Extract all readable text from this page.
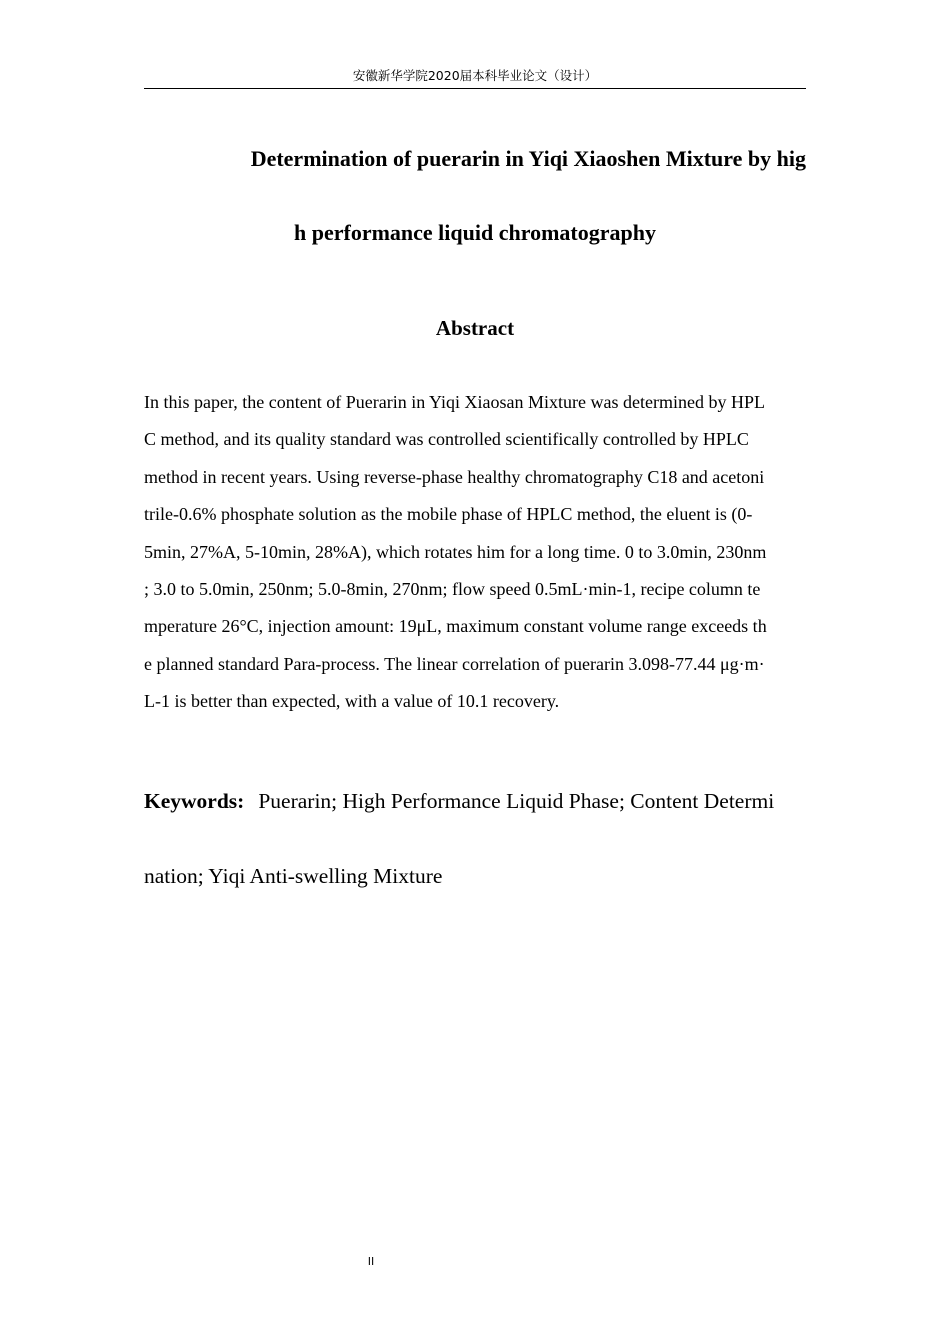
安徽新华学院2020届本科毕业论文（设计）
Determination of puerarin in Yiqi Xiaoshen Mixture by hig
h performance liquid chromatography
Abstract

In this paper, the content of Puerarin in Yiqi Xiaosan Mixture was determined by HPL
C method, and its quality standard was controlled scientifically controlled by HPLC
method in recent years. Using reverse-phase healthy chromatography C18 and acetoni
trile-0.6% phosphate solution as the mobile phase of HPLC method, the eluent is (0-
5min, 27%A, 5-10min, 28%A), which rotates him for a long time. 0 to 3.0min, 230nm
; 3.0 to 5.0min, 250nm; 5.0-8min, 270nm; flow speed 0.5mL·min-1, recipe column te
mperature 26°C, injection amount: 19μL, maximum constant volume range exceeds th
e planned standard Para-process. The linear correlation of puerarin 3.098-77.44 μg·m·
L-1 is better than expected, with a value of 10.1 recovery.

Keywords: Puerarin; High Performance Liquid Phase; Content Determi
nation; Yiqi Anti-swelling Mixture

II
